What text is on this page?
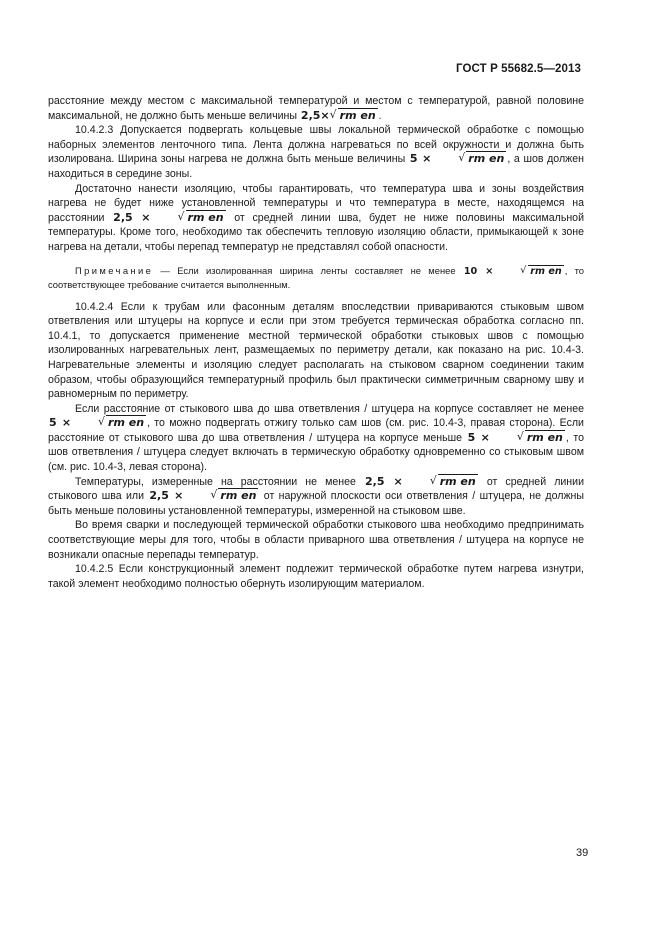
ГОСТ Р 55682.5—2013

расстояние между местом с максимальной температурой и местом с температурой, равной половине максимальной, не должно быть меньше величины 2,5× √ rm en .

10.4.2.3 Допускается подвергать кольцевые швы локальной термической обработке с помощью наборных элементов ленточного типа. Лента должна нагреваться по всей окружности и должна быть изолирована. Ширина зоны нагрева не должна быть меньше величины 5 ×	√ rm en , а шов должен находиться в середине зоны.

Достаточно нанести изоляцию, чтобы гарантировать, что температура шва и зоны воздействия нагрева не будет ниже установленной температуры и что температура в месте, находящемся на расстоянии 2,5 ×	√ rm en от средней линии шва, будет не ниже половины максимальной температуры. Кроме того, необходимо так обеспечить тепловую изоляцию области, примыкающей к зоне нагрева на детали, чтобы перепад температур не представлял собой опасности.

Примечание — Если изолированная ширина ленты составляет не менее 10 ×	√ rm en , то соответствующее требование считается выполненным.

10.4.2.4 Если к трубам или фасонным деталям впоследствии привариваются стыковым швом ответвления или штуцеры на корпусе и если при этом требуется термическая обработка согласно пп. 10.4.1, то допускается применение местной термической обработки стыковых швов с помощью изолированных нагревательных лент, размещаемых по периметру детали, как показано на рис. 10.4-3. Нагревательные элементы и изоляцию следует располагать на стыковом сварном соединении таким образом, чтобы образующийся температурный профиль был практически симметричным сварному шву и равномерным по периметру.

Если расстояние от стыкового шва до шва ответвления / штуцера на корпусе составляет не менее 5 ×	√ rm en , то можно подвергать отжигу только сам шов (см. рис. 10.4-3, правая сторона). Если расстояние от стыкового шва до шва ответвления / штуцера на корпусе меньше 5 ×	√ rm en , то шов ответвления / штуцера следует включать в термическую обработку одновременно со стыковым швом (см. рис. 10.4-3, левая сторона).

Температуры, измеренные на расстоянии не менее 2,5 ×	√ rm en от средней линии стыкового шва или 2,5 ×	√ rm en от наружной плоскости оси ответвления / штуцера, не должны быть меньше половины установленной температуры, измеренной на стыковом шве.

Во время сварки и последующей термической обработки стыкового шва необходимо предпринимать соответствующие меры для того, чтобы в области приварного шва ответвления / штуцера на корпусе не возникали опасные перепады температур.

10.4.2.5 Если конструкционный элемент подлежит термической обработке путем нагрева изнутри, такой элемент необходимо полностью обернуть изолирующим материалом.

39
